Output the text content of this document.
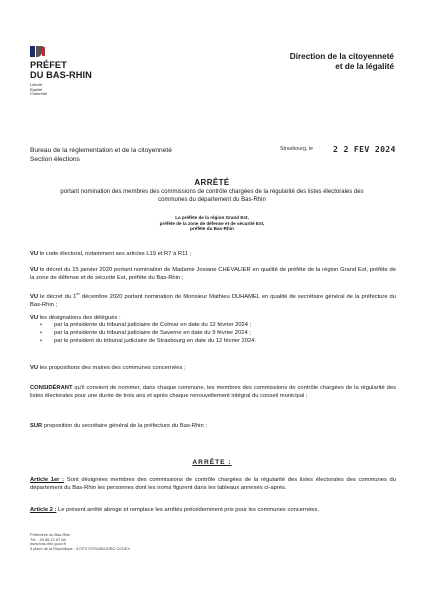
PRÉFET
DU BAS-RHIN
Liberté
Égalité
Fraternité
Direction de la citoyenneté
et de la légalité
Bureau de la réglementation et de la citoyenneté
Section élections
Strasbourg, le 2 2 FEV 2024
ARRÊTÉ
portant nomination des membres des commissions de contrôle chargées de la régularité des listes électorales des communes du département du Bas-Rhin
La préfète de la région Grand Est,
préfète de la zone de défense et de sécurité Est,
préfète du Bas-Rhin
VU le code électoral, notamment ses articles L19 et R7 à R11 ;
VU le décret du 15 janvier 2020 portant nomination de Madame Josiane CHEVALIER en qualité de préfète de la région Grand Est, préfète de la zone de défense et de sécurité Est, préfète du Bas-Rhin ;
VU le décret du 1er décembre 2020 portant nomination de Monsieur Mathieu DUHAMEL en qualité de secrétaire général de la préfecture du Bas-Rhin ;
VU les désignations des délégués :
•	par la présidente du tribunal judiciaire de Colmar en date du 12 février 2024 ;
•	par la présidente du tribunal judiciaire de Saverne en date du 9 février 2024 ;
•	par le président du tribunal judiciaire de Strasbourg en date du 12 février 2024.
VU les propositions des maires des communes concernées ;
CONSIDÉRANT qu'il convient de nommer, dans chaque commune, les membres des commissions de contrôle chargées de la régularité des listes électorales pour une durée de trois ans et après chaque renouvellement intégral du conseil municipal ;
SUR proposition du secrétaire général de la préfecture du Bas-Rhin ;
ARRÊTE :
Article 1er : Sont désignées membres des commissions de contrôle chargées de la régularité des listes électorales des communes du département du Bas-Rhin les personnes dont les noms figurent dans les tableaux annexés ci-après.
Article 2 : Le présent arrêté abroge et remplace les arrêtés précédemment pris pour les communes concernées.
Préfecture du Bas-Rhin
Tél. : 03 88 21 67 68
www.bas-rhin.gouv.fr
5 place de la République - 67073 STRASBOURG CEDEX
